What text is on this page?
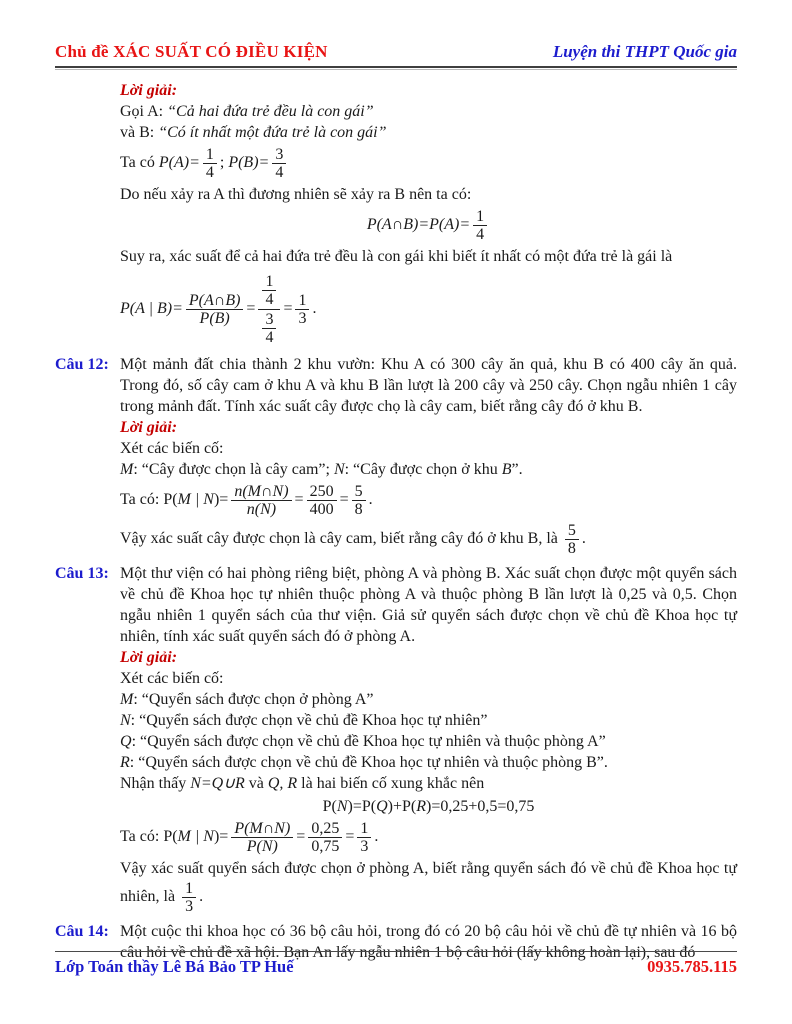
Chủ đề XÁC SUẤT CÓ ĐIỀU KIỆN	Luyện thi THPT Quốc gia

Lời giải:

Gọi A: “Cả hai đứa trẻ đều là con gái”

và B: “Có ít nhất một đứa trẻ là con gái”

Ta có $P(A)= \frac{1}{4}$ ; $P(B)= \frac{3}{4}$

Do nếu xảy ra A thì đương nhiên sẽ xảy ra B nên ta có:

P(A∩B)=P(A)= $\frac{1}{4}$

Suy ra, xác suất để cả hai đứa trẻ đều là con gái khi biết ít nhất có một đứa trẻ là gái là

P(A | $B)= \frac{P(A\cap B)}{P(B)} = \frac{\frac{1}{4}}{\frac{3}{4}} = \frac{1}{3}$ .

Câu 12: Một mảnh đất chia thành 2 khu vườn: Khu A có 300 cây ăn quả, khu B có 400 cây ăn quả. Trong đó, số cây cam ở khu A và khu B lần lượt là 200 cây và 250 cây. Chọn ngẫu nhiên 1 cây trong mảnh đất. Tính xác suất cây được chọ là cây cam, biết rằng cây đó ở khu B.

Lời giải:

Xét các biến cố:

M: “Cây được chọn là cây cam”; N: “Cây được chọn ở khu B”.

Ta có: P(M | $N)= \frac{n(M\cap N)}{n(N)} = \frac{250}{400} = \frac{5}{8}$ .

Vậy xác suất cây được chọn là cây cam, biết rằng cây đó ở khu B, là $\frac{5}{8}$ .

Câu 13: Một thư viện có hai phòng riêng biệt, phòng A và phòng B. Xác suất chọn được một quyển sách về chủ đề Khoa học tự nhiên thuộc phòng A và thuộc phòng B lần lượt là 0,25 và 0,5. Chọn ngẫu nhiên 1 quyển sách của thư viện. Giả sử quyển sách được chọn về chủ đề Khoa học tự nhiên, tính xác suất quyển sách đó ở phòng A.

Lời giải:

Xét các biến cố:

M: “Quyển sách được chọn ở phòng A”

N: “Quyển sách được chọn về chủ đề Khoa học tự nhiên”

Q: “Quyển sách được chọn về chủ đề Khoa học tự nhiên và thuộc phòng A”

R: “Quyển sách được chọn về chủ đề Khoa học tự nhiên và thuộc phòng B”.

Nhận thấy N=Q∪R và Q, R là hai biến cố xung khắc nên

P(N)=P(Q)+P(R)=0,25+0,5=0,75

Ta có: P(M | $N)= \frac{P(M\cap N)}{P(N)} = \frac{0,25}{0,75} = \frac{1}{3}$ .

Vậy xác suất quyển sách được chọn ở phòng A, biết rằng quyển sách đó về chủ đề Khoa học tự nhiên, là $\frac{1}{3}$ .

Câu 14: Một cuộc thi khoa học có 36 bộ câu hỏi, trong đó có 20 bộ câu hỏi về chủ đề tự nhiên và 16 bộ câu hỏi về chủ đề xã hội. Bạn An lấy ngẫu nhiên 1 bộ câu hỏi (lấy không hoàn lại), sau đó

Lớp Toán thầy Lê Bá Bảo TP Huế	0935.785.115
